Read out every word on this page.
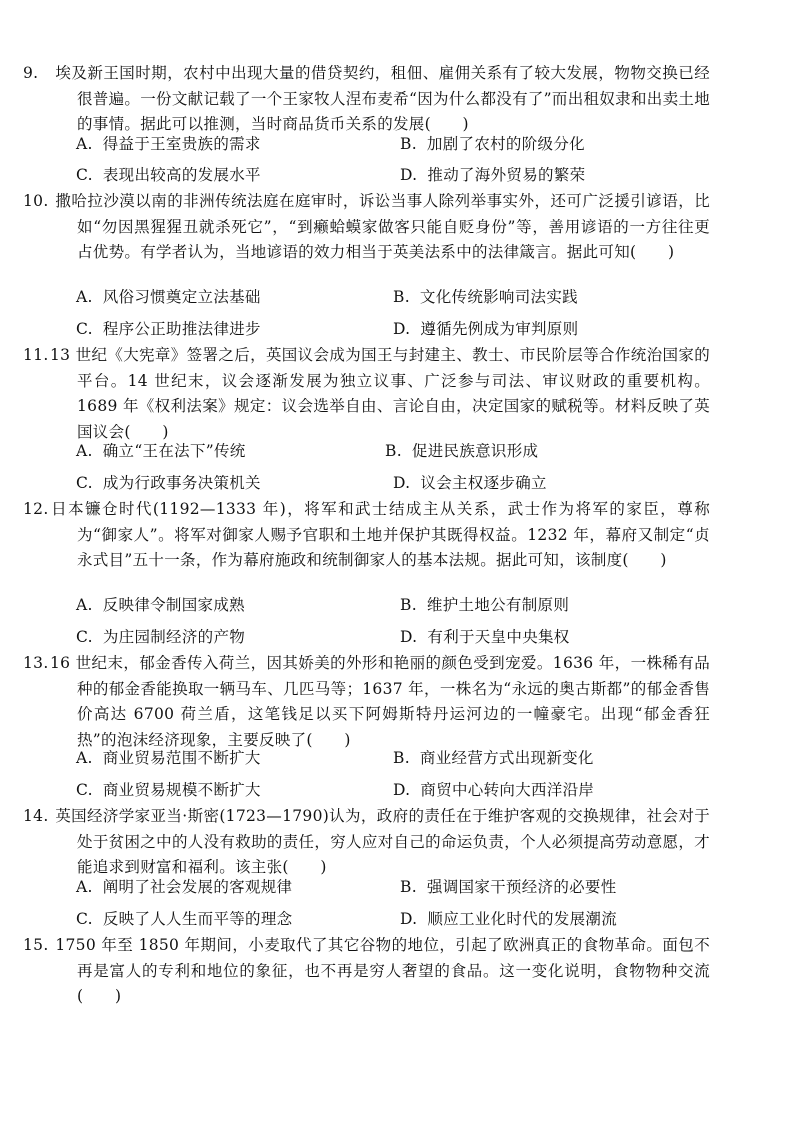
9. 埃及新王国时期，农村中出现大量的借贷契约，租佃、雇佣关系有了较大发展，物物交换已经很普遍。一份文献记载了一个王家牧人涅布麦希“因为什么都没有了”而出租奴隶和出卖土地的事情。据此可以推测，当时商品货币关系的发展(　　)
A. 得益于王室贵族的需求	B. 加剧了农村的阶级分化
C. 表现出较高的发展水平	D. 推动了海外贸易的繁荣
10. 撒哈拉沙漠以南的非洲传统法庭在庭审时，诉讼当事人除列举事实外，还可广泛援引谚语，比如“勿因黑猩猩丑就杀死它”，“到癞蛤蟆家做客只能自贬身份”等，善用谚语的一方往往更占优势。有学者认为，当地谚语的效力相当于英美法系中的法律箴言。据此可知(　　)
A. 风俗习惯奠定立法基础	B. 文化传统影响司法实践
C. 程序公正助推法律进步	D. 遵循先例成为审判原则
11.13 世纪《大宪章》签署之后，英国议会成为国王与封建主、教士、市民阶层等合作统治国家的平台。14 世纪末，议会逐渐发展为独立议事、广泛参与司法、审议财政的重要机构。1689 年《权利法案》规定：议会选举自由、言论自由，决定国家的赋税等。材料反映了英国议会(　　)
A. 确立“王在法下”传统	B. 促进民族意识形成
C. 成为行政事务决策机关	D. 议会主权逐步确立
12.日本镰仓时代(1192—1333 年)，将军和武士结成主从关系，武士作为将军的家臣，尊称为“御家人”。将军对御家人赐予官职和土地并保护其既得权益。1232 年，幕府又制定“贞永式目”五十一条，作为幕府施政和统制御家人的基本法规。据此可知，该制度(　　)
A. 反映律令制国家成熟	B. 维护土地公有制原则
C. 为庄园制经济的产物	D. 有利于天皇中央集权
13.16 世纪末，郁金香传入荷兰，因其娇美的外形和艳丽的颜色受到宠爱。1636 年，一株稀有品种的郁金香能换取一辆马车、几匹马等；1637 年，一株名为“永远的奥古斯都”的郁金香售价高达 6700 荷兰盾，这笔钱足以买下阿姆斯特丹运河边的一幢豪宅。出现“郁金香狂热”的泡沫经济现象，主要反映了(　　)
A. 商业贸易范围不断扩大	B. 商业经营方式出现新变化
C. 商业贸易规模不断扩大	D. 商贸中心转向大西洋沿岸
14. 英国经济学家亚当·斯密(1723—1790)认为，政府的责任在于维护客观的交换规律，社会对于处于贫困之中的人没有救助的责任，穷人应对自己的命运负责，个人必须提高劳动意愿，才能追求到财富和福利。该主张(　　)
A. 阐明了社会发展的客观规律	B. 强调国家干预经济的必要性
C. 反映了人人生而平等的理念	D. 顺应工业化时代的发展潮流
15. 1750 年至 1850 年期间，小麦取代了其它谷物的地位，引起了欧洲真正的食物革命。面包不再是富人的专利和地位的象征，也不再是穷人奢望的食品。这一变化说明，食物物种交流 (　　)
